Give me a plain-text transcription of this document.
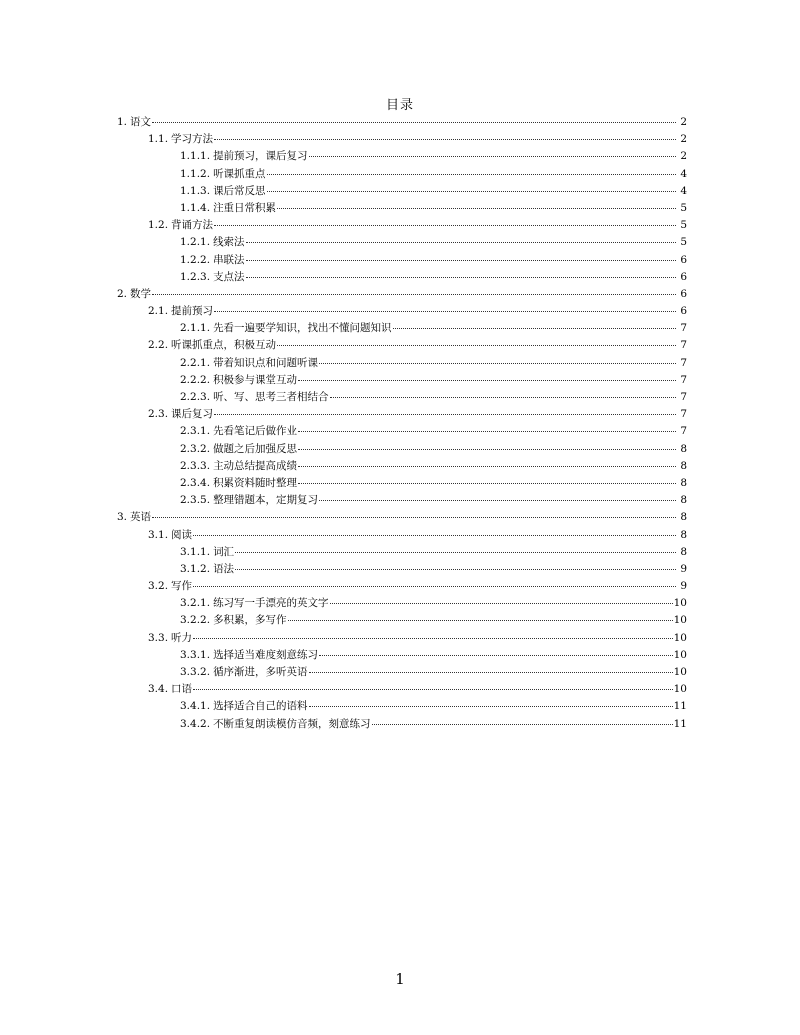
目录
1. 语文	2
1.1. 学习方法	2
1.1.1. 提前预习，课后复习	2
1.1.2. 听课抓重点	4
1.1.3. 课后常反思	4
1.1.4. 注重日常积累	5
1.2. 背诵方法	5
1.2.1. 线索法	5
1.2.2. 串联法	6
1.2.3. 支点法	6
2. 数学	6
2.1. 提前预习	6
2.1.1. 先看一遍要学知识，找出不懂问题知识	7
2.2. 听课抓重点，积极互动	7
2.2.1. 带着知识点和问题听课	7
2.2.2. 积极参与课堂互动	7
2.2.3. 听、写、思考三者相结合	7
2.3. 课后复习	7
2.3.1. 先看笔记后做作业	7
2.3.2. 做题之后加强反思	8
2.3.3. 主动总结提高成绩	8
2.3.4. 积累资料随时整理	8
2.3.5. 整理错题本，定期复习	8
3. 英语	8
3.1. 阅读	8
3.1.1. 词汇	8
3.1.2. 语法	9
3.2. 写作	9
3.2.1. 练习写一手漂亮的英文字	10
3.2.2. 多积累，多写作	10
3.3. 听力	10
3.3.1. 选择适当难度刻意练习	10
3.3.2. 循序渐进，多听英语	10
3.4. 口语	10
3.4.1. 选择适合自己的语料	11
3.4.2. 不断重复朗读模仿音频，刻意练习	11
1
